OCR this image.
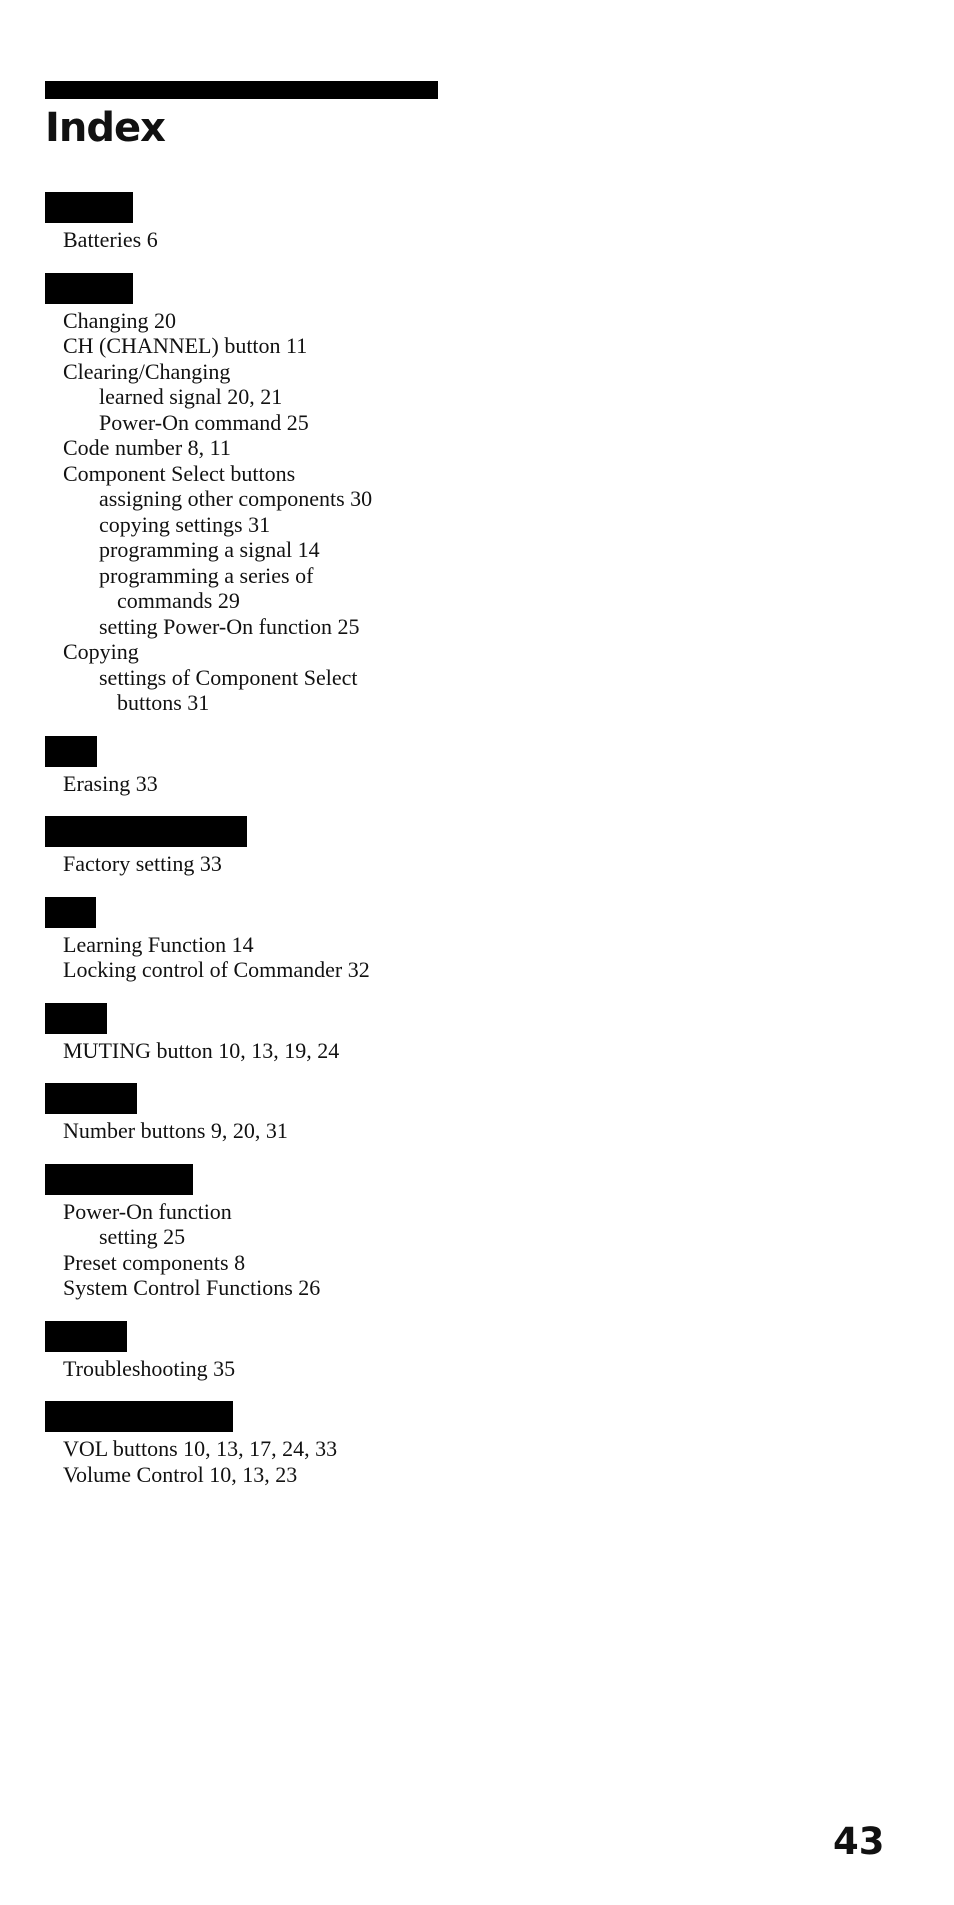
Index
Batteries 6
Changing 20
CH (CHANNEL) button 11
Clearing/Changing
learned signal 20, 21
Power-On command 25
Code number 8, 11
Component Select buttons
assigning other components 30
copying settings 31
programming a signal 14
programming a series of
commands 29
setting Power-On function 25
Copying
settings of Component Select
buttons 31
Erasing 33
Factory setting 33
Learning Function 14
Locking control of Commander 32
MUTING button 10, 13, 19, 24
Number buttons 9, 20, 31
Power-On function
setting 25
Preset components 8
System Control Functions 26
Troubleshooting 35
VOL buttons 10, 13, 17, 24, 33
Volume Control 10, 13, 23
43
